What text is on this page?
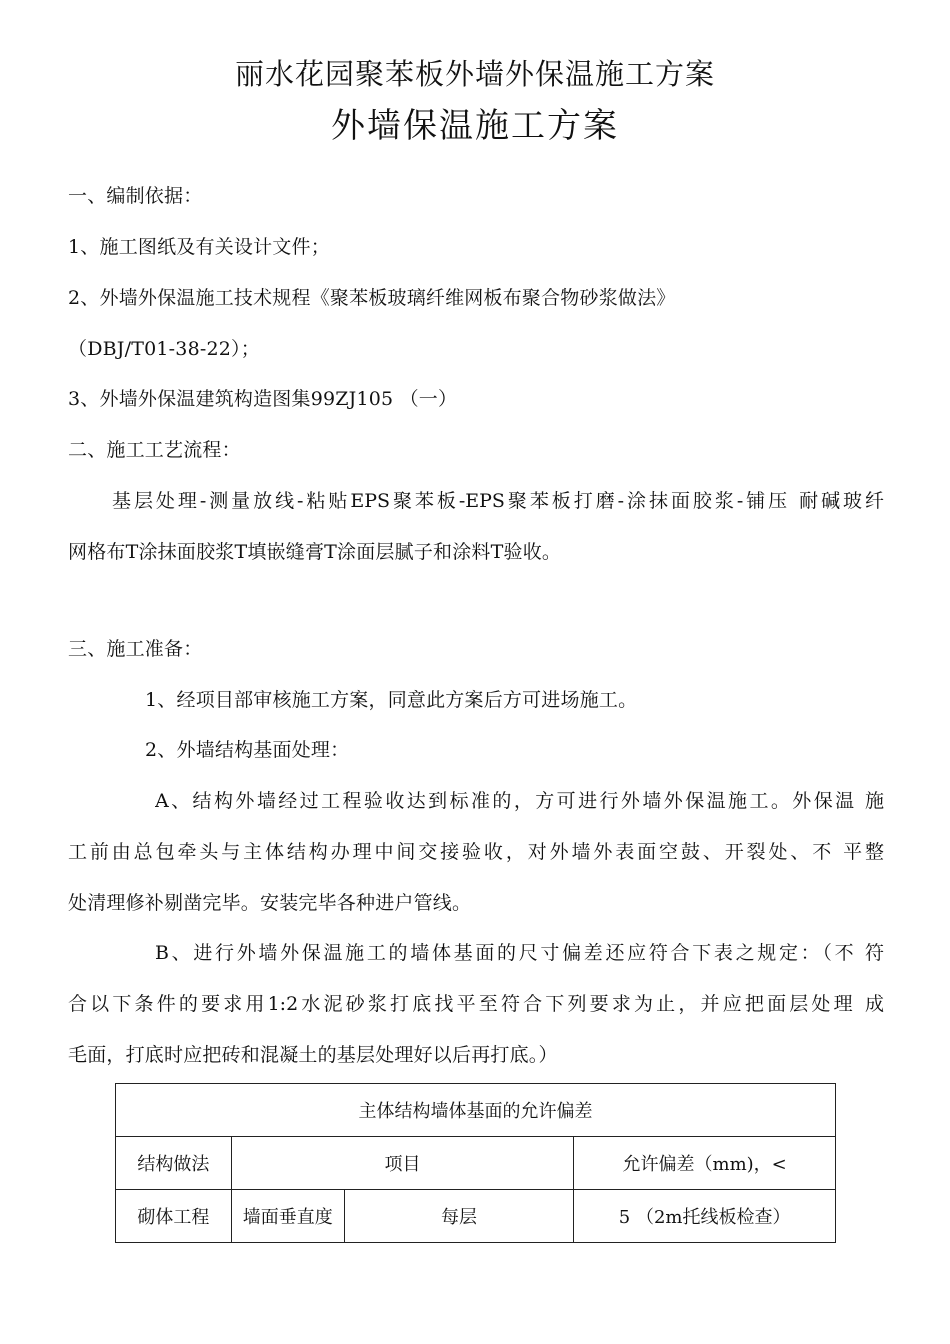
丽水花园聚苯板外墙外保温施工方案
外墙保温施工方案
一、编制依据：
1、施工图纸及有关设计文件；
2、外墙外保温施工技术规程《聚苯板玻璃纤维网板布聚合物砂浆做法》
（DBJ/T01-38-22）；
3、外墙外保温建筑构造图集99ZJ105 （一）
二、施工工艺流程：
基层处理-测量放线-粘贴EPS聚苯板-EPS聚苯板打磨-涂抹面胶浆-铺压 耐碱玻纤
网格布T涂抹面胶浆T填嵌缝膏T涂面层腻子和涂料T验收。
三、施工准备：
1、经项目部审核施工方案，同意此方案后方可进场施工。
2、外墙结构基面处理：
A、结构外墙经过工程验收达到标准的，方可进行外墙外保温施工。外保温 施
工前由总包牵头与主体结构办理中间交接验收，对外墙外表面空鼓、开裂处、不 平整
处清理修补剔凿完毕。安装完毕各种进户管线。
B、进行外墙外保温施工的墙体基面的尺寸偏差还应符合下表之规定：（不 符
合以下条件的要求用1:2水泥砂浆打底找平至符合下列要求为止，并应把面层处理 成
毛面，打底时应把砖和混凝土的基层处理好以后再打底。）
主体结构墙体基面的允许偏差			
结构做法	项目		允许偏差（mm)，<
砌体工程	墙面垂直度	每层	5 （2m托线板检查）
